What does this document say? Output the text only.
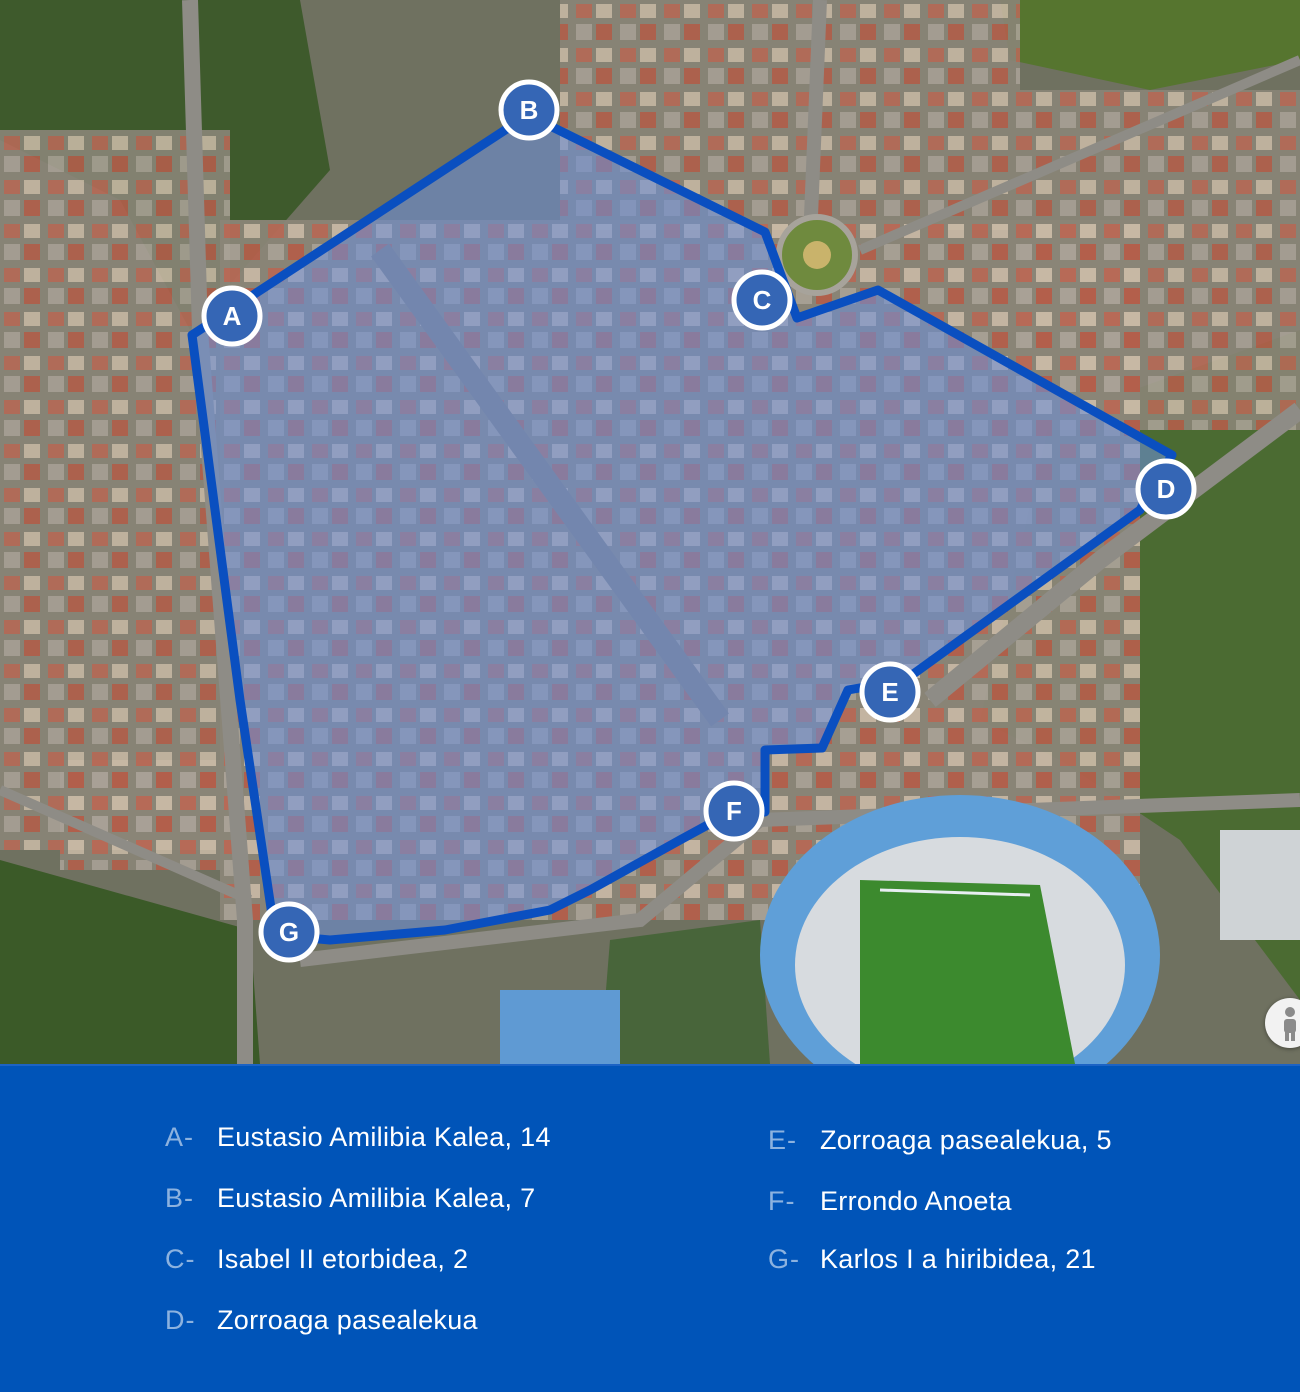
A
B
C
D
E
F
G
A- Eustasio Amilibia Kalea, 14
B- Eustasio Amilibia Kalea, 7
C- Isabel II etorbidea, 2
D- Zorroaga pasealekua
E- Zorroaga pasealekua, 5
F- Errondo Anoeta
G- Karlos I a hiribidea, 21
